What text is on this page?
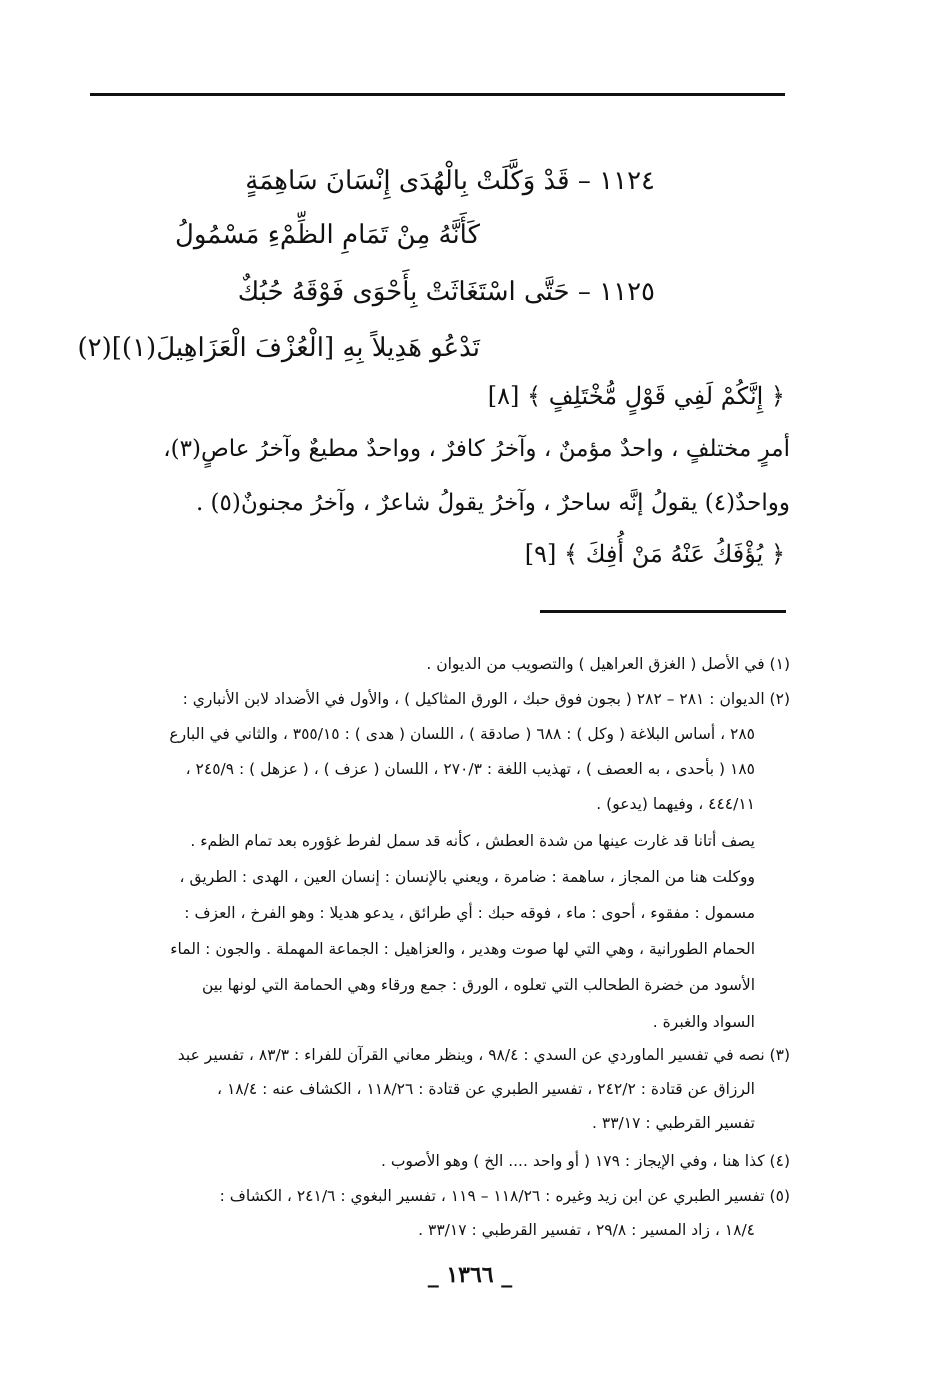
١١٢٤ – قَدْ وَكَّلَتْ بِالْهُدَى إِنْسَانَ سَاهِمَةٍ
كَأَنَّهُ مِنْ تَمَامِ الظِّمْءِ مَسْمُولُ
١١٢٥ – حَتَّى اسْتَغَاثَتْ بِأَحْوَى فَوْقَهُ حُبُكٌ
تَدْعُو هَدِيلاً بِهِ [الْعُزْفَ الْعَزَاهِيلَ(١)](٢)
﴿ إِنَّكُمْ لَفِي قَوْلٍ مُّخْتَلِفٍ ﴾ [٨]
أمرٍ مختلفٍ ، واحدٌ مؤمنٌ ، وآخرُ كافرٌ ، وواحدٌ مطيعٌ وآخرُ عاصٍ(٣)،
وواحدٌ(٤) يقولُ إنَّه ساحرٌ ، وآخرُ يقولُ شاعرٌ ، وآخرُ مجنونٌ(٥) .
﴿ يُؤْفَكُ عَنْهُ مَنْ أُفِكَ ﴾ [٩]
(١) في الأصل ( الغزق العراهيل ) والتصويب من الديوان .
(٢) الديوان : ٢٨١ – ٢٨٢ ( بجون فوق حبك ، الورق المثاكيل ) ، والأول في الأضداد لابن الأنباري :
٢٨٥ ، أساس البلاغة ( وكل ) : ٦٨٨ ( صادقة ) ، اللسان ( هدى ) : ٣٥٥/١٥ ، والثاني في البارع
١٨٥ ( بأحدى ، به العصف ) ، تهذيب اللغة : ٢٧٠/٣ ، اللسان ( عزف ) ، ( عزهل ) : ٢٤٥/٩ ،
٤٤٤/١١ ، وفيهما (يدعو) .
يصف أتانا قد غارت عينها من شدة العطش ، كأنه قد سمل لفرط غؤوره بعد تمام الظمء .
ووكلت هنا من المجاز ، ساهمة : ضامرة ، ويعني بالإنسان : إنسان العين ، الهدى : الطريق ،
مسمول : مفقوء ، أحوى : ماء ، فوقه حبك : أي طرائق ، يدعو هديلا : وهو الفرخ ، العزف :
الحمام الطورانية ، وهي التي لها صوت وهدير ، والعزاهيل : الجماعة المهملة . والجون : الماء
الأسود من خضرة الطحالب التي تعلوه ، الورق : جمع ورقاء وهي الحمامة التي لونها بين
السواد والغبرة .
(٣) نصه في تفسير الماوردي عن السدي : ٩٨/٤ ، وينظر معاني القرآن للفراء : ٨٣/٣ ، تفسير عبد
الرزاق عن قتادة : ٢٤٢/٢ ، تفسير الطبري عن قتادة : ١١٨/٢٦ ، الكشاف عنه : ١٨/٤ ،
تفسير القرطبي : ٣٣/١٧ .
(٤) كذا هنا ، وفي الإيجاز : ١٧٩ ( أو واحد .... الخ ) وهو الأصوب .
(٥) تفسير الطبري عن ابن زيد وغيره : ١١٨/٢٦ – ١١٩ ، تفسير البغوي : ٢٤١/٦ ، الكشاف :
١٨/٤ ، زاد المسير : ٢٩/٨ ، تفسير القرطبي : ٣٣/١٧ .
_ ١٣٦٦ _
